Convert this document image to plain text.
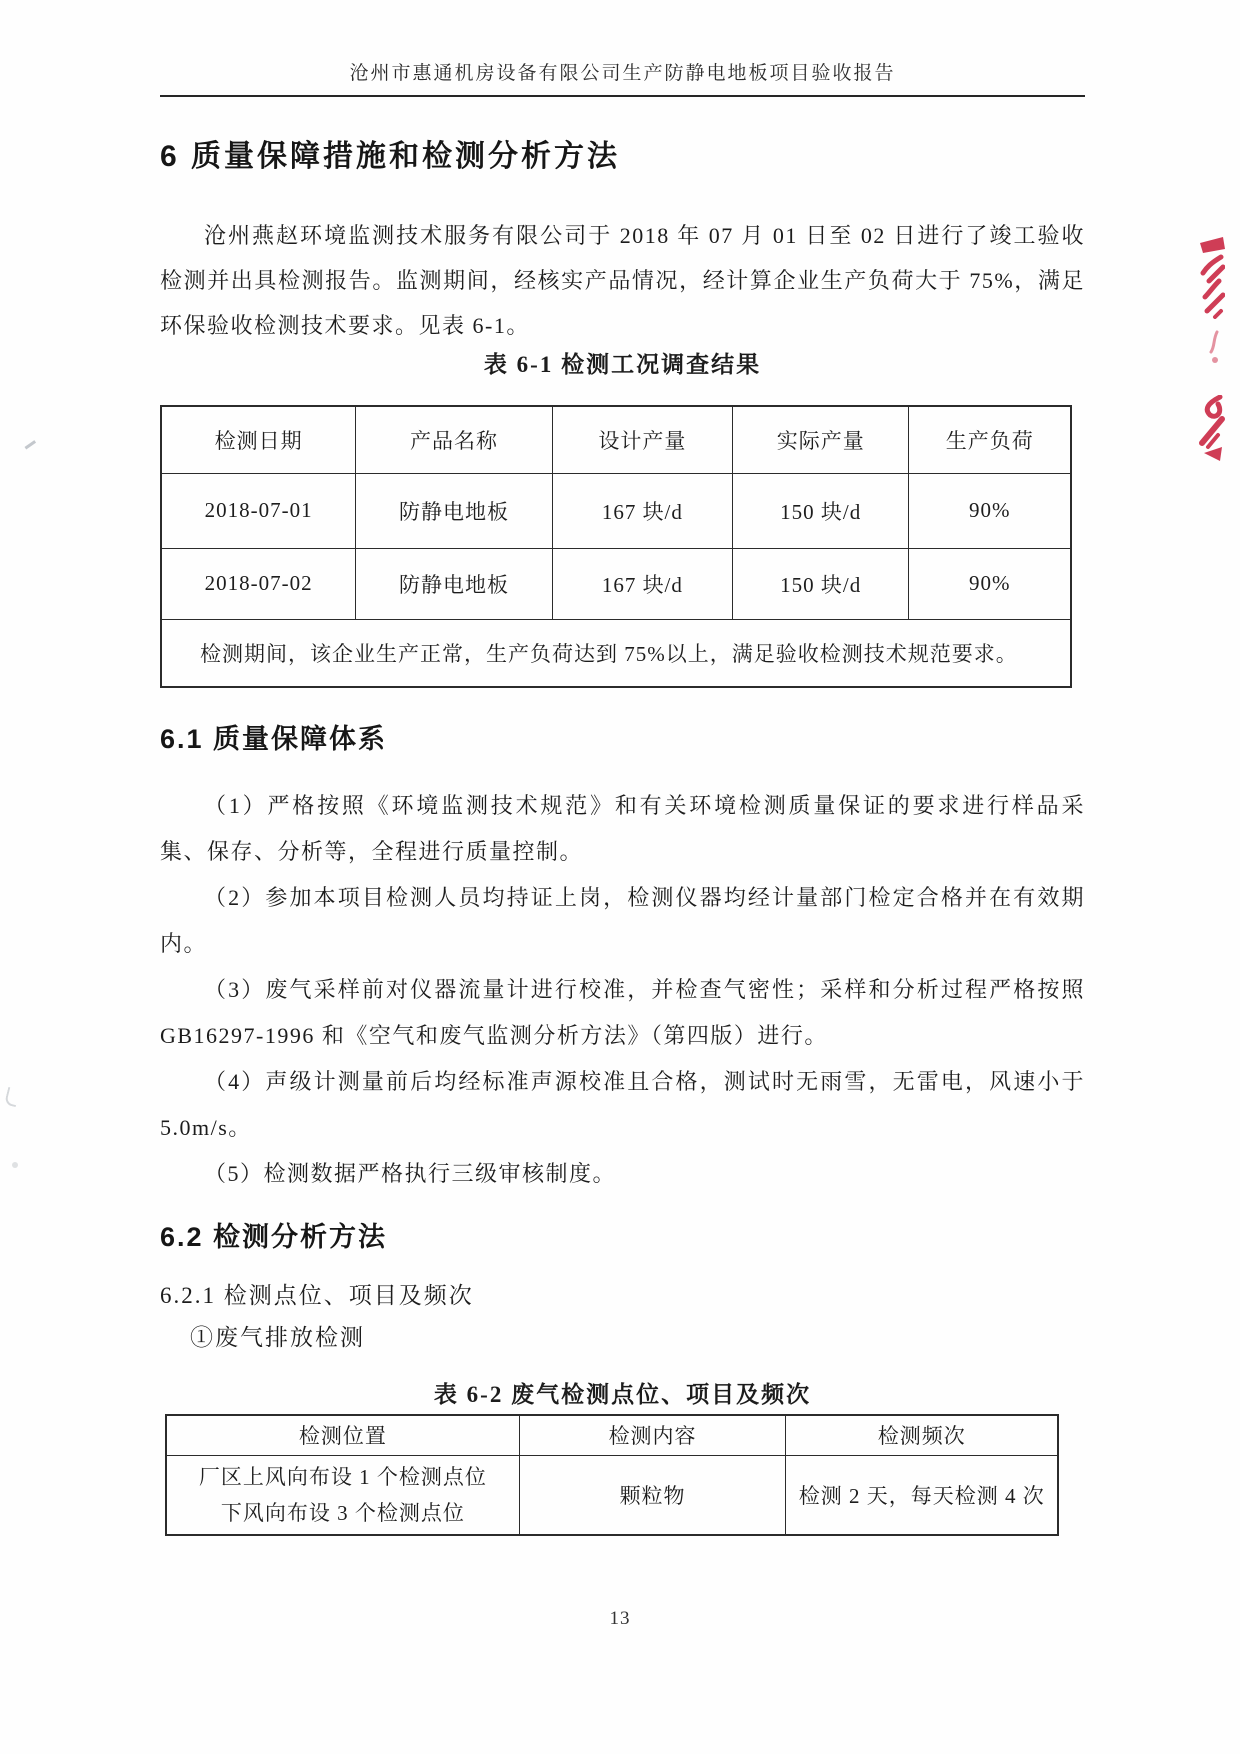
沧州市惠通机房设备有限公司生产防静电地板项目验收报告
6 质量保障措施和检测分析方法

沧州燕赵环境监测技术服务有限公司于 2018 年 07 月 01 日至 02 日进行了竣工验收检测并出具检测报告。监测期间，经核实产品情况，经计算企业生产负荷大于 75%，满足环保验收检测技术要求。见表 6-1。

表 6-1 检测工况调查结果
检测日期	产品名称	设计产量	实际产量	生产负荷
2018-07-01	防静电地板	167 块/d	150 块/d	90%
2018-07-02	防静电地板	167 块/d	150 块/d	90%
检测期间，该企业生产正常，生产负荷达到 75%以上，满足验收检测技术规范要求。				
6.1 质量保障体系

（1）严格按照《环境监测技术规范》和有关环境检测质量保证的要求进行样品采集、保存、分析等，全程进行质量控制。

（2）参加本项目检测人员均持证上岗，检测仪器均经计量部门检定合格并在有效期内。

（3）废气采样前对仪器流量计进行校准，并检查气密性；采样和分析过程严格按照 GB16297-1996 和《空气和废气监测分析方法》（第四版）进行。

（4）声级计测量前后均经标准声源校准且合格，测试时无雨雪，无雷电，风速小于 5.0m/s。

（5）检测数据严格执行三级审核制度。

6.2 检测分析方法
6.2.1 检测点位、项目及频次
①废气排放检测
表 6-2 废气检测点位、项目及频次
检测位置	检测内容	检测频次

厂区上风向布设 1 个检测点位
下风向布设 3 个检测点位	颗粒物	检测 2 天，每天检测 4 次
13
